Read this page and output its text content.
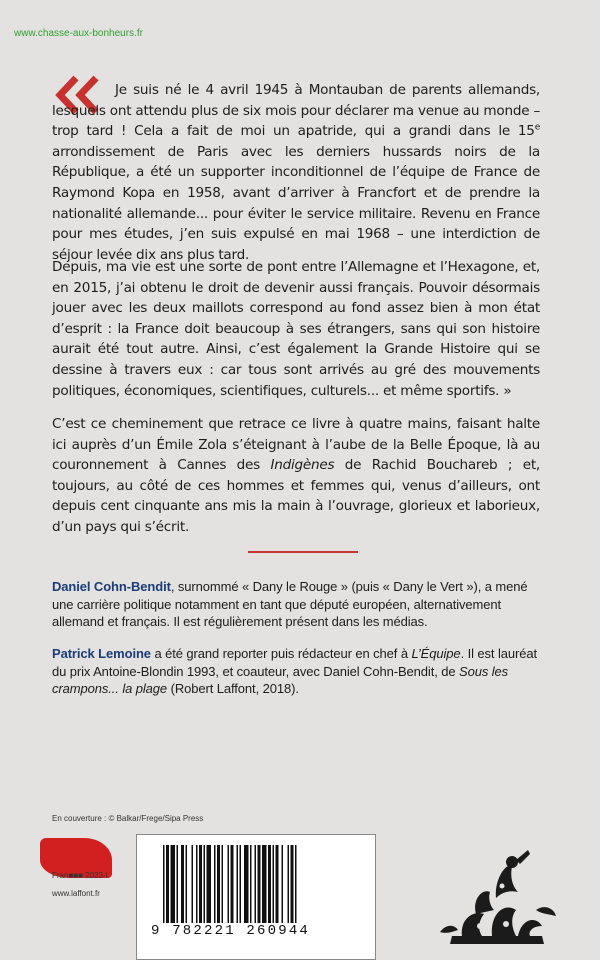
www.chasse-aux-bonheurs.fr
Je suis né le 4 avril 1945 à Montauban de parents allemands, lesquels ont attendu plus de six mois pour déclarer ma venue au monde – trop tard ! Cela a fait de moi un apatride, qui a grandi dans le 15e arrondissement de Paris avec les derniers hussards noirs de la République, a été un supporter inconditionnel de l’équipe de France de Raymond Kopa en 1958, avant d’arriver à Francfort et de prendre la nationalité allemande... pour éviter le service militaire. Revenu en France pour mes études, j’en suis expulsé en mai 1968 – une interdiction de séjour levée dix ans plus tard.
Depuis, ma vie est une sorte de pont entre l’Allemagne et l’Hexagone, et, en 2015, j’ai obtenu le droit de devenir aussi français. Pouvoir désormais jouer avec les deux maillots correspond au fond assez bien à mon état d’esprit : la France doit beaucoup à ses étrangers, sans qui son histoire aurait été tout autre. Ainsi, c’est également la Grande Histoire qui se dessine à travers eux : car tous sont arrivés au gré des mouvements politiques, économiques, scientifiques, culturels... et même sportifs. »
C’est ce cheminement que retrace ce livre à quatre mains, faisant halte ici auprès d’un Émile Zola s’éteignant à l’aube de la Belle Époque, là au couronnement à Cannes des Indigènes de Rachid Bouchareb ; et, toujours, au côté de ces hommes et femmes qui, venus d’ailleurs, ont depuis cent cinquante ans mis la main à l’ouvrage, glorieux et laborieux, d’un pays qui s’écrit.
Daniel Cohn-Bendit, surnommé « Dany le Rouge » (puis « Dany le Vert »), a mené une carrière politique notamment en tant que député européen, alternativement allemand et français. Il est régulièrement présent dans les médias.
Patrick Lemoine a été grand reporter puis rédacteur en chef à L’Équipe. Il est lauréat du prix Antoine-Blondin 1993, et coauteur, avec Daniel Cohn-Bendit, de Sous les crampons... la plage (Robert Laffont, 2018).
En couverture : © Balkar/Frege/Sipa Press
Fran■■■ 2023-I
www.laffont.fr
9 782221 260944
